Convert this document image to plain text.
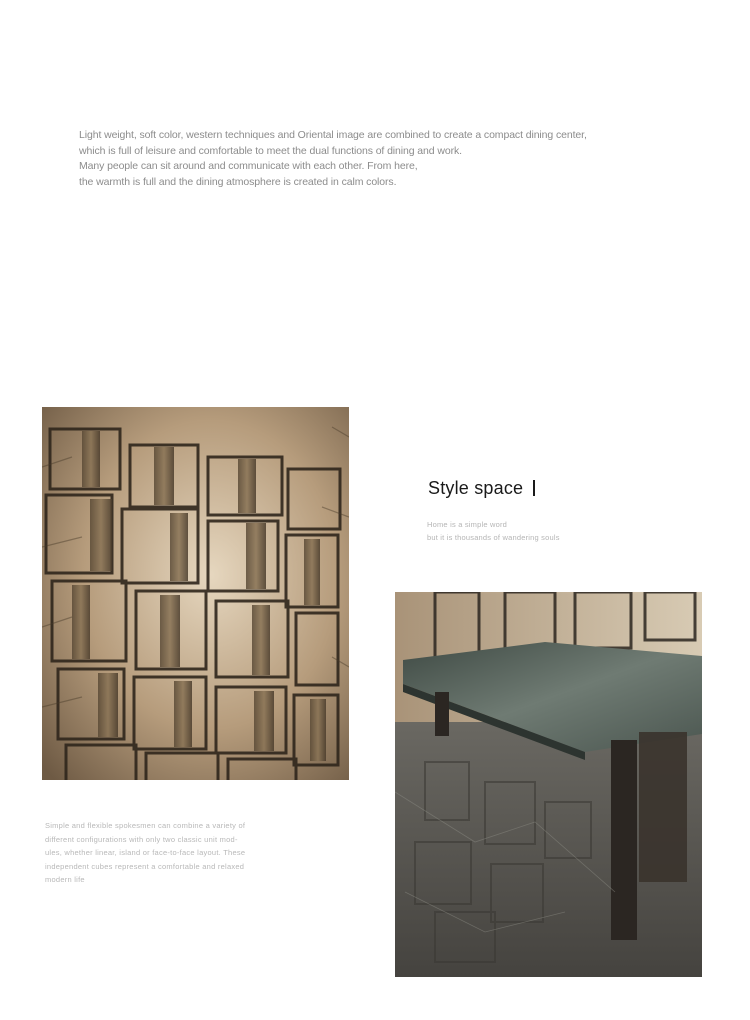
Light weight, soft color, western techniques and Oriental image are combined to create a compact dining center,
which is full of leisure and comfortable to meet the dual functions of dining and work.
Many people can sit around and communicate with each other. From here,
the warmth is full and the dining atmosphere is created in calm colors.
Style space
Home is a simple word
but it is thousands of wandering souls
Simple and flexible spokesmen can combine a variety of
different configurations with only two classic unit mod-
ules, whether linear, island or face-to-face layout. These
independent cubes represent a comfortable and relaxed
modern life
